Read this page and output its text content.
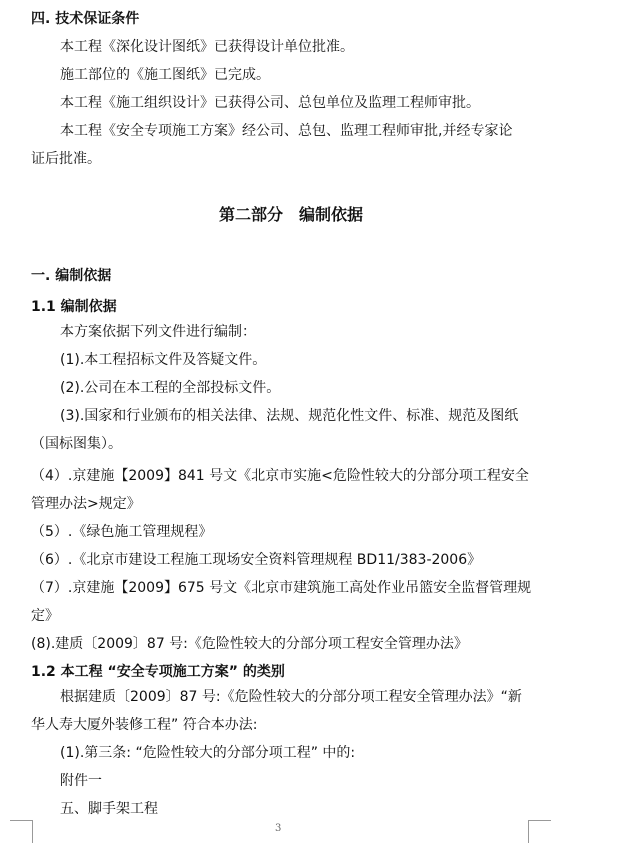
四. 技术保证条件
本工程《深化设计图纸》已获得设计单位批准。
施工部位的《施工图纸》已完成。
本工程《施工组织设计》已获得公司、总包单位及监理工程师审批。
本工程《安全专项施工方案》经公司、总包、监理工程师审批,并经专家论
证后批准。
第二部分　编制依据
一. 编制依据
1.1 编制依据
本方案依据下列文件进行编制：
(1).本工程招标文件及答疑文件。
(2).公司在本工程的全部投标文件。
(3).国家和行业颁布的相关法律、法规、规范化性文件、标准、规范及图纸
（国标图集）。
（4）.京建施【2009】841 号文《北京市实施<危险性较大的分部分项工程安全
管理办法>规定》
（5）.《绿色施工管理规程》
（6）.《北京市建设工程施工现场安全资料管理规程 BD11/383-2006》
（7）.京建施【2009】675 号文《北京市建筑施工高处作业吊篮安全监督管理规
定》
(8).建质〔2009〕87 号:《危险性较大的分部分项工程安全管理办法》
1.2 本工程 “安全专项施工方案” 的类别
根据建质〔2009〕87 号:《危险性较大的分部分项工程安全管理办法》“新
华人寿大厦外装修工程” 符合本办法:
(1).第三条: “危险性较大的分部分项工程” 中的:
附件一
五、脚手架工程
3
